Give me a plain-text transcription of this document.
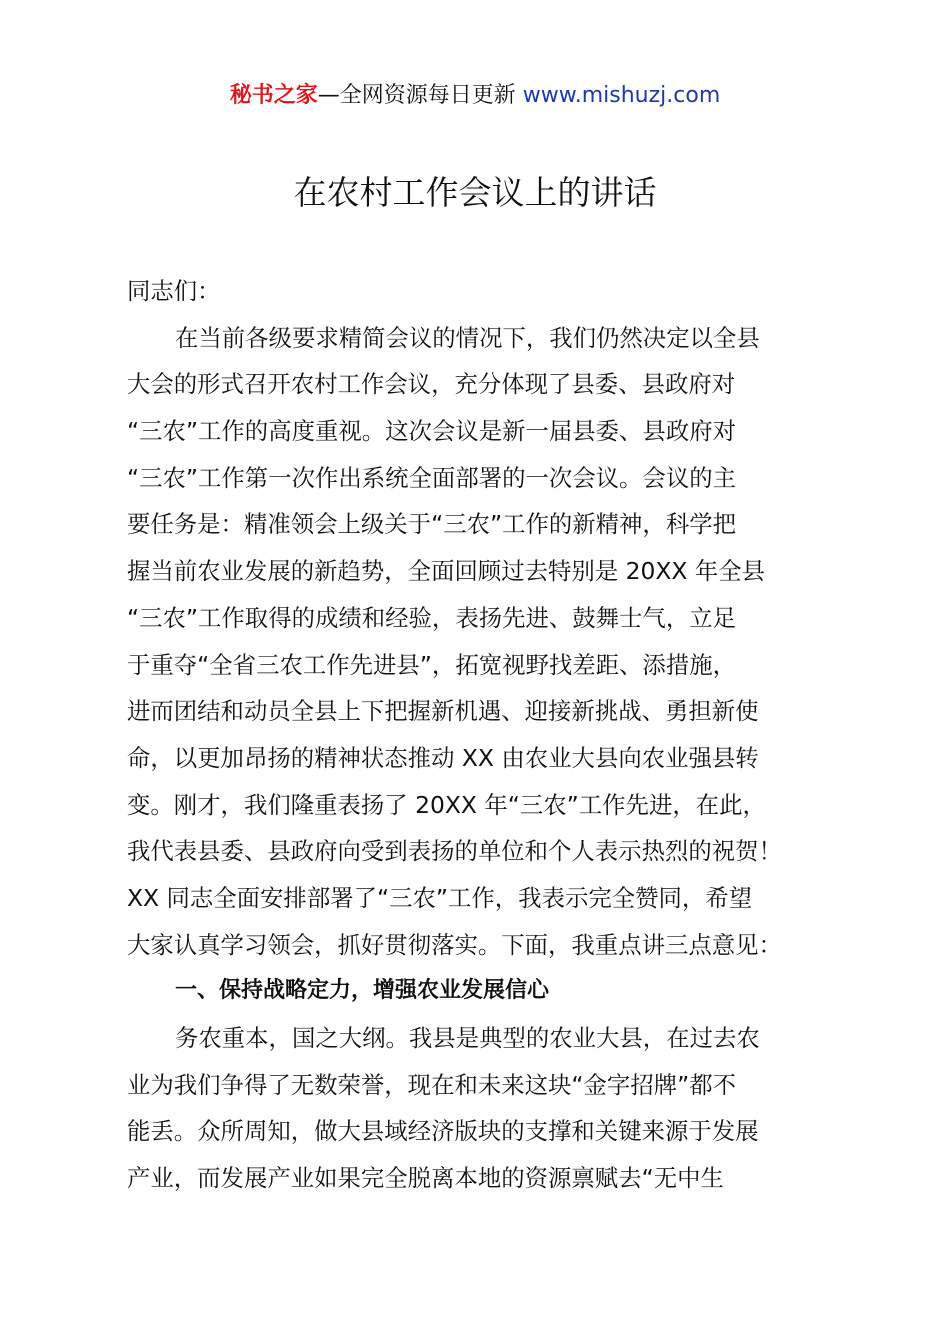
秘书之家—全网资源每日更新 www.mishuzj.com
在农村工作会议上的讲话
同志们：
在当前各级要求精简会议的情况下，我们仍然决定以全县
大会的形式召开农村工作会议，充分体现了县委、县政府对
“三农”工作的高度重视。这次会议是新一届县委、县政府对
“三农”工作第一次作出系统全面部署的一次会议。会议的主
要任务是：精准领会上级关于“三农”工作的新精神，科学把
握当前农业发展的新趋势，全面回顾过去特别是 20XX 年全县
“三农”工作取得的成绩和经验，表扬先进、鼓舞士气，立足
于重夺“全省三农工作先进县”，拓宽视野找差距、添措施，
进而团结和动员全县上下把握新机遇、迎接新挑战、勇担新使
命，以更加昂扬的精神状态推动 XX 由农业大县向农业强县转
变。刚才，我们隆重表扬了 20XX 年“三农”工作先进，在此，
我代表县委、县政府向受到表扬的单位和个人表示热烈的祝贺！
XX 同志全面安排部署了“三农”工作，我表示完全赞同，希望
大家认真学习领会，抓好贯彻落实。下面，我重点讲三点意见：
一、保持战略定力，增强农业发展信心
务农重本，国之大纲。我县是典型的农业大县，在过去农
业为我们争得了无数荣誉，现在和未来这块“金字招牌”都不
能丢。众所周知，做大县域经济版块的支撑和关键来源于发展
产业，而发展产业如果完全脱离本地的资源禀赋去“无中生
